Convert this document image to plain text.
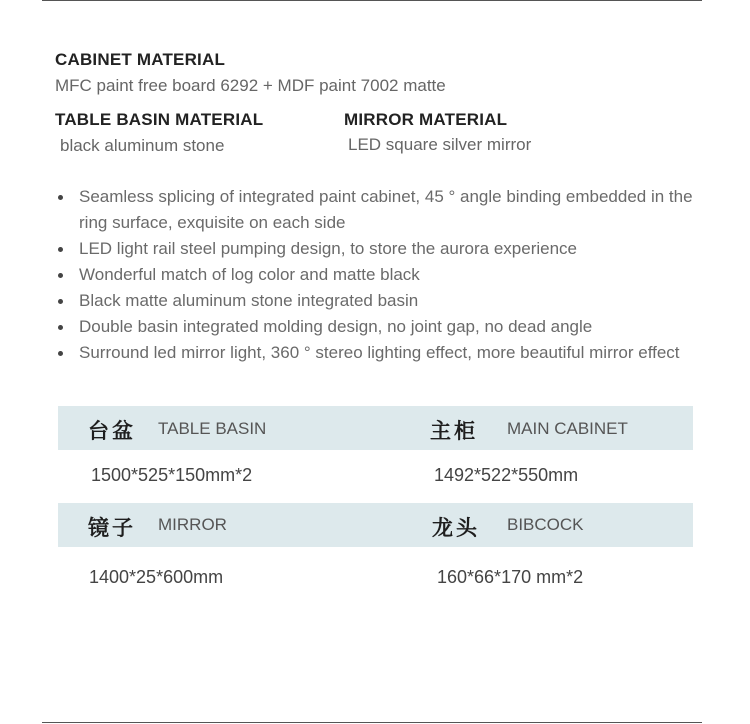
CABINET MATERIAL
MFC paint free board 6292 + MDF paint 7002 matte
TABLE BASIN MATERIAL
black aluminum stone
MIRROR MATERIAL
LED square silver mirror
Seamless splicing of integrated paint cabinet, 45 ° angle binding embedded in the ring surface, exquisite on each side
LED light rail steel pumping design, to store the aurora experience
Wonderful match of log color and matte black
Black matte aluminum stone integrated basin
Double basin integrated molding design, no joint gap, no dead angle
Surround led mirror light, 360 ° stereo lighting effect, more beautiful mirror effect
台盆 TABLE BASIN
1500*525*150mm*2
主柜 MAIN CABINET
1492*522*550mm
镜子 MIRROR
1400*25*600mm
龙头 BIBCOCK
160*66*170 mm*2
